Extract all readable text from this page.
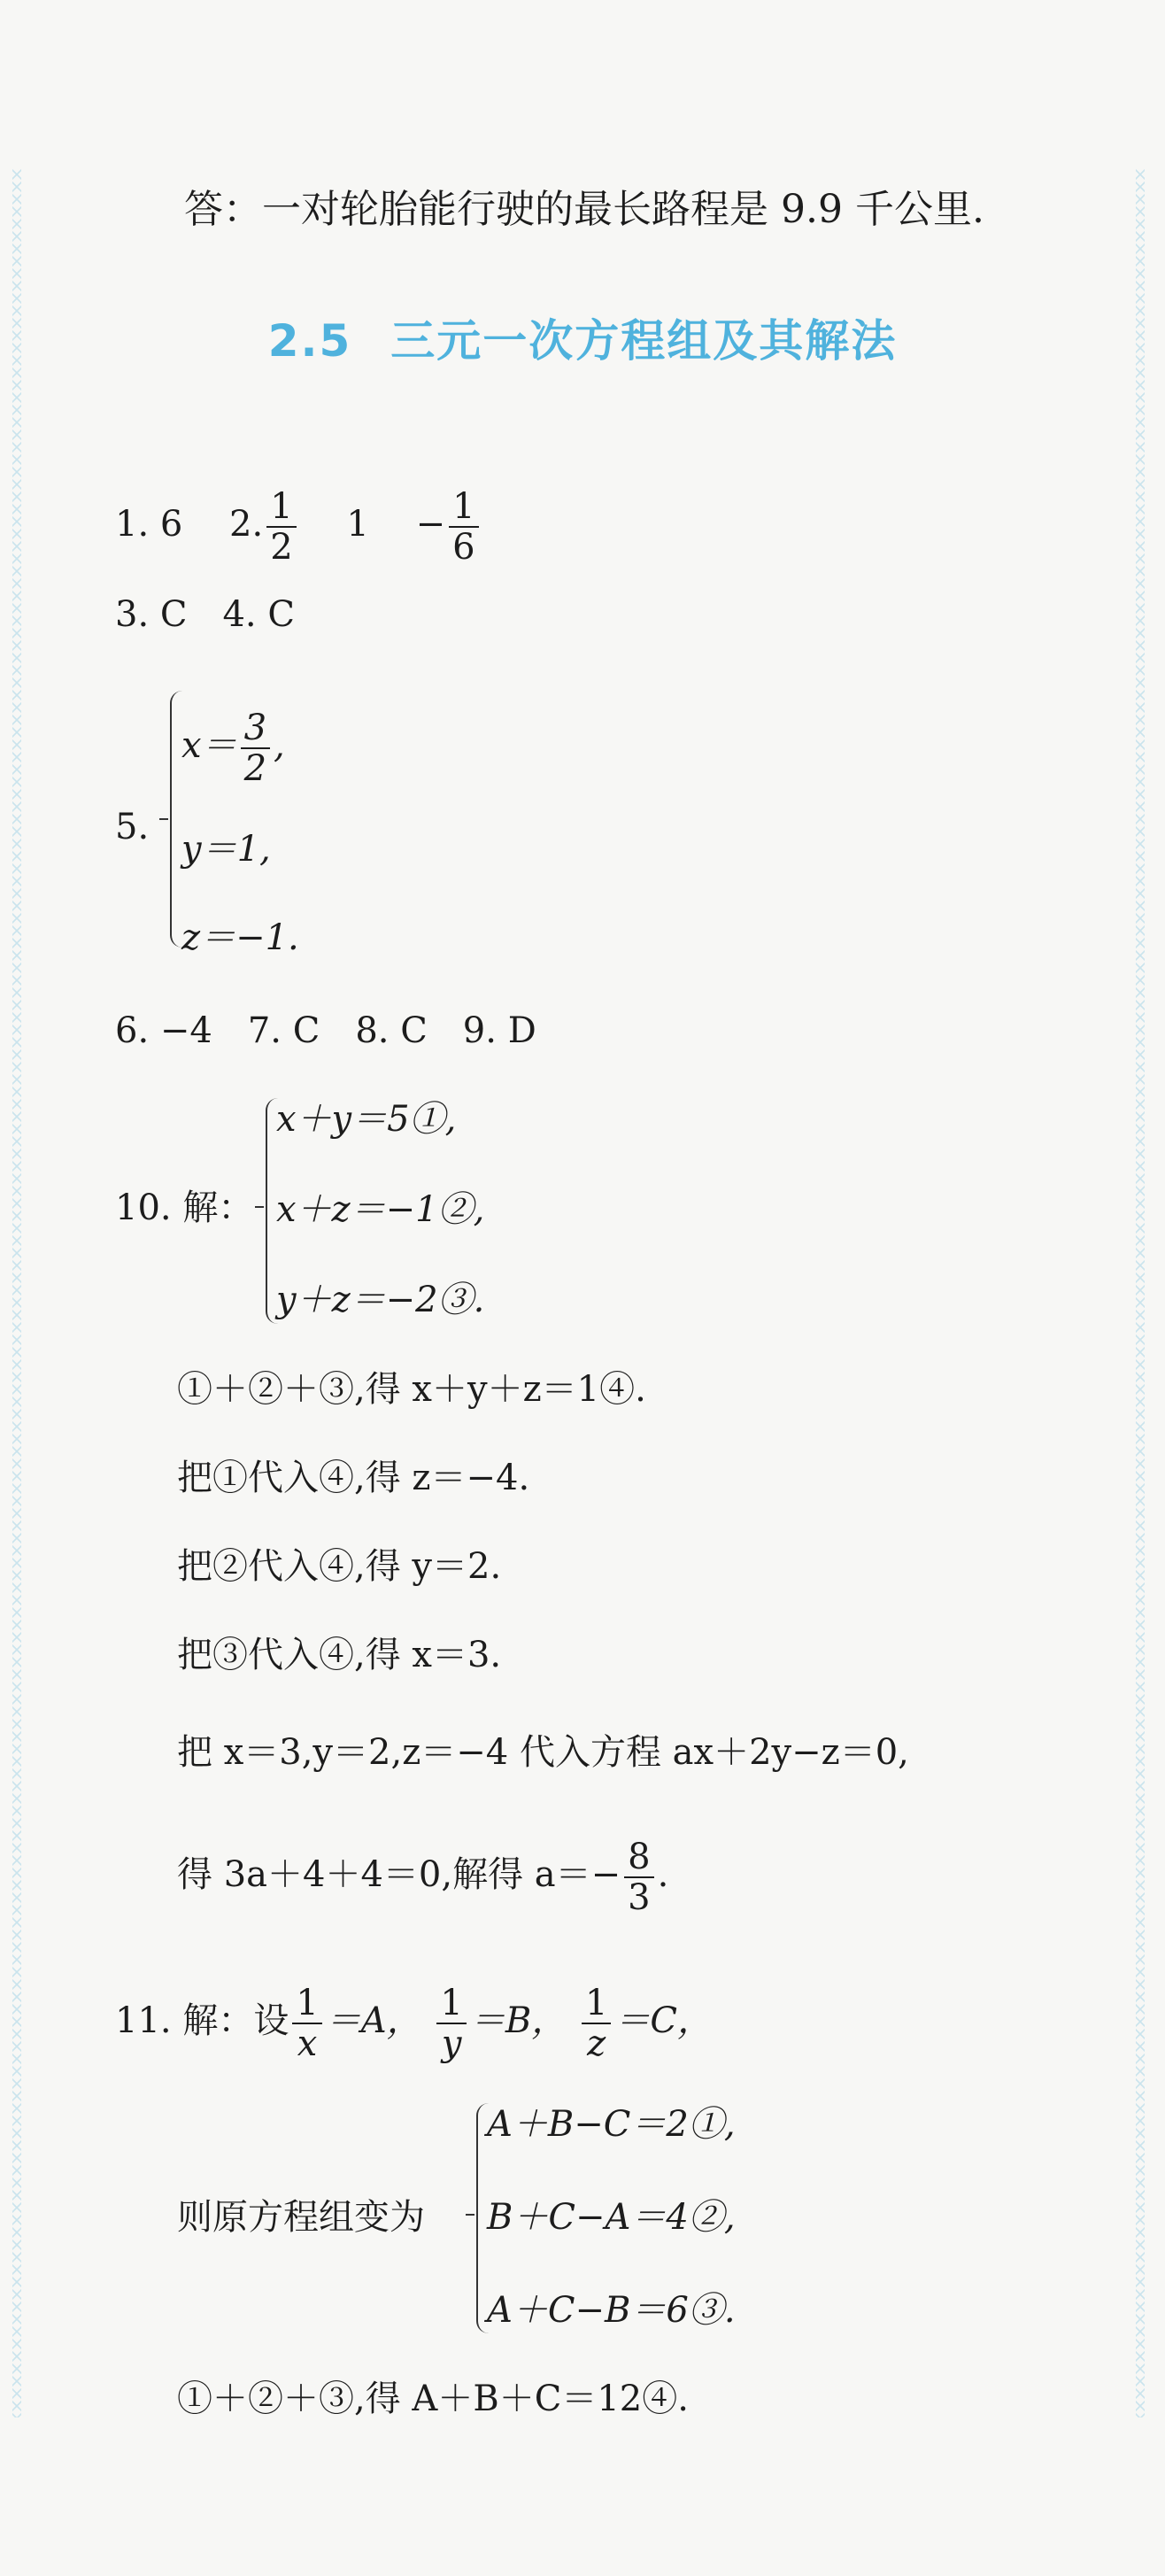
答：一对轮胎能行驶的最长路程是 9.9 千公里.
2.5 三元一次方程组及其解法
1. 6 2. $\frac{1}{2} 1 - \frac{1}{6}$
3. C　4. C
5.
$x= \frac{3}{2}$ ,
y＝1,
z＝−1.
6. −4　7. C　8. C　9. D
10. 解：
x＋y＝5①,
x＋z＝−1②,
y＋z＝−2③.
①＋②＋③,得 x＋y＋z＝1④.
把①代入④,得 z＝−4.
把②代入④,得 y＝2.
把③代入④,得 x＝3.
把 x＝3,y＝2,z＝−4 代入方程 ax＋2y−z＝0,
得 3a＋4＋4＝0,解得 $a=- \frac{8}{3}$ .
11. 解：设 $\frac{1}{x} =A$， $\frac{1}{y} =B$， $\frac{1}{z} =C$，
则原方程组变为
A＋B−C＝2①,
B＋C−A＝4②,
A＋C−B＝6③.
①＋②＋③,得 A＋B＋C＝12④.
